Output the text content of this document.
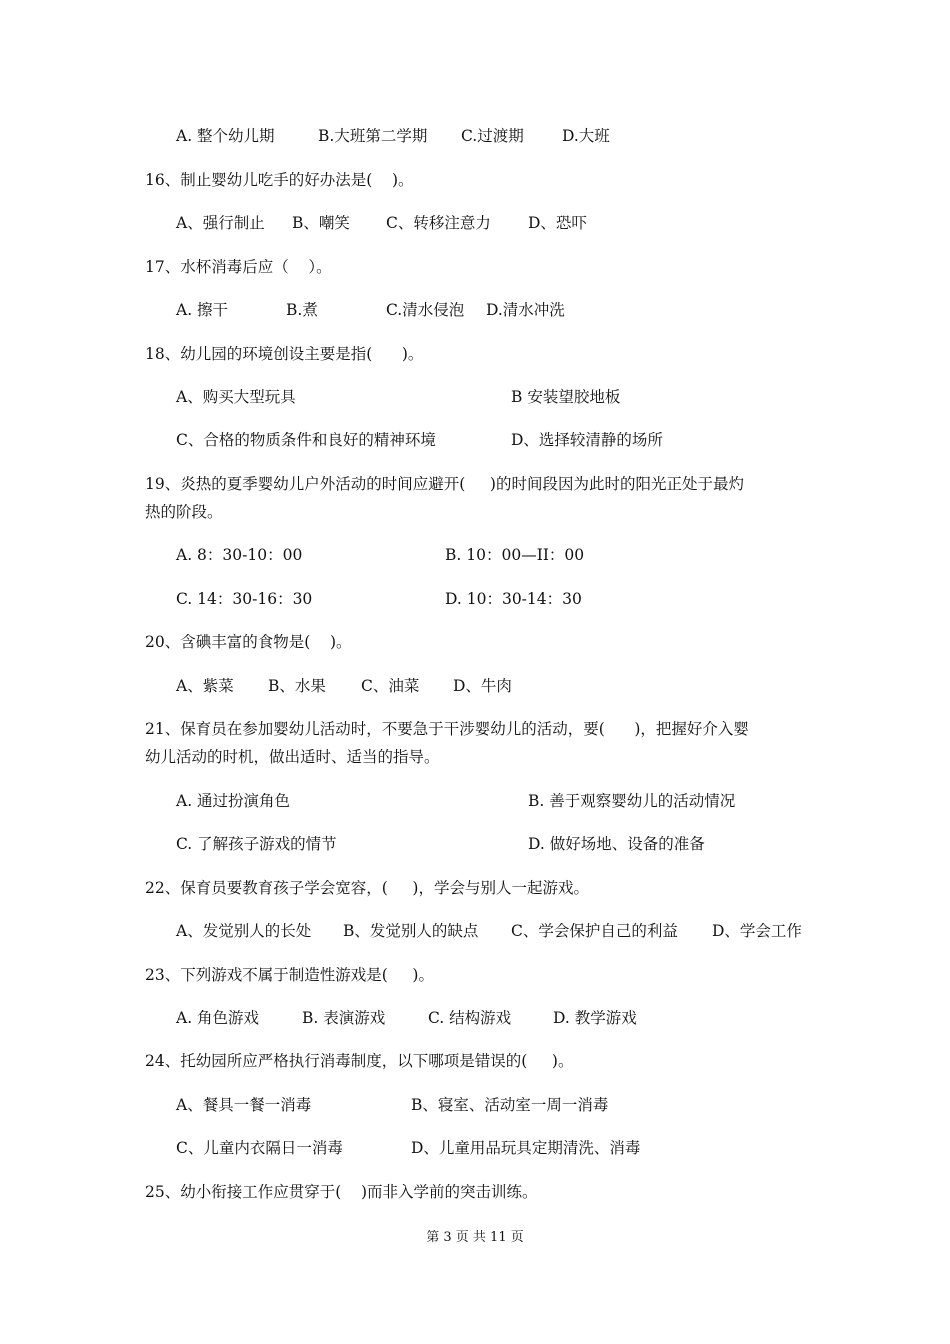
A. 整个幼儿期	B.大班第二学期 C.过渡期 D.大班
16、制止婴幼儿吃手的好办法是(    )。
A、强行制止 B、嘲笑 C、转移注意力 D、恐吓
17、水杯消毒后应（    ）。
A. 擦干	B.煮	C.清水侵泡 D.清水冲洗
18、幼儿园的环境创设主要是指(      )。
A、购买大型玩具	B 安装望胶地板
C、合格的物质条件和良好的精神环境	D、选择较清静的场所
19、炎热的夏季婴幼儿户外活动的时间应避开(     )的时间段因为此时的阳光正处于最灼
热的阶段。
A. 8：30-10：00	B. 10：00—II：00
C. 14：30-16：30	D. 10：30-14：30
20、含碘丰富的食物是(    )。
A、紫菜 B、水果 C、油菜 D、牛肉
21、保育员在参加婴幼儿活动时，不要急于干涉婴幼儿的活动，要(      )，把握好介入婴
幼儿活动的时机，做出适时、适当的指导。
A. 通过扮演角色	B. 善于观察婴幼儿的活动情况
C. 了解孩子游戏的情节	D. 做好场地、设备的准备
22、保育员要教育孩子学会宽容，(     )，学会与别人一起游戏。
A、发觉别人的长处 B、发觉别人的缺点 C、学会保护自己的利益 D、学会工作
23、下列游戏不属于制造性游戏是(     )。
A. 角色游戏	B. 表演游戏	C. 结构游戏	D. 教学游戏
24、托幼园所应严格执行消毒制度，以下哪项是错误的(     )。
A、餐具一餐一消毒	B、寝室、活动室一周一消毒
C、儿童内衣隔日一消毒	D、儿童用品玩具定期清洗、消毒
25、幼小衔接工作应贯穿于(    )而非入学前的突击训练。
第 3 页 共 11 页
